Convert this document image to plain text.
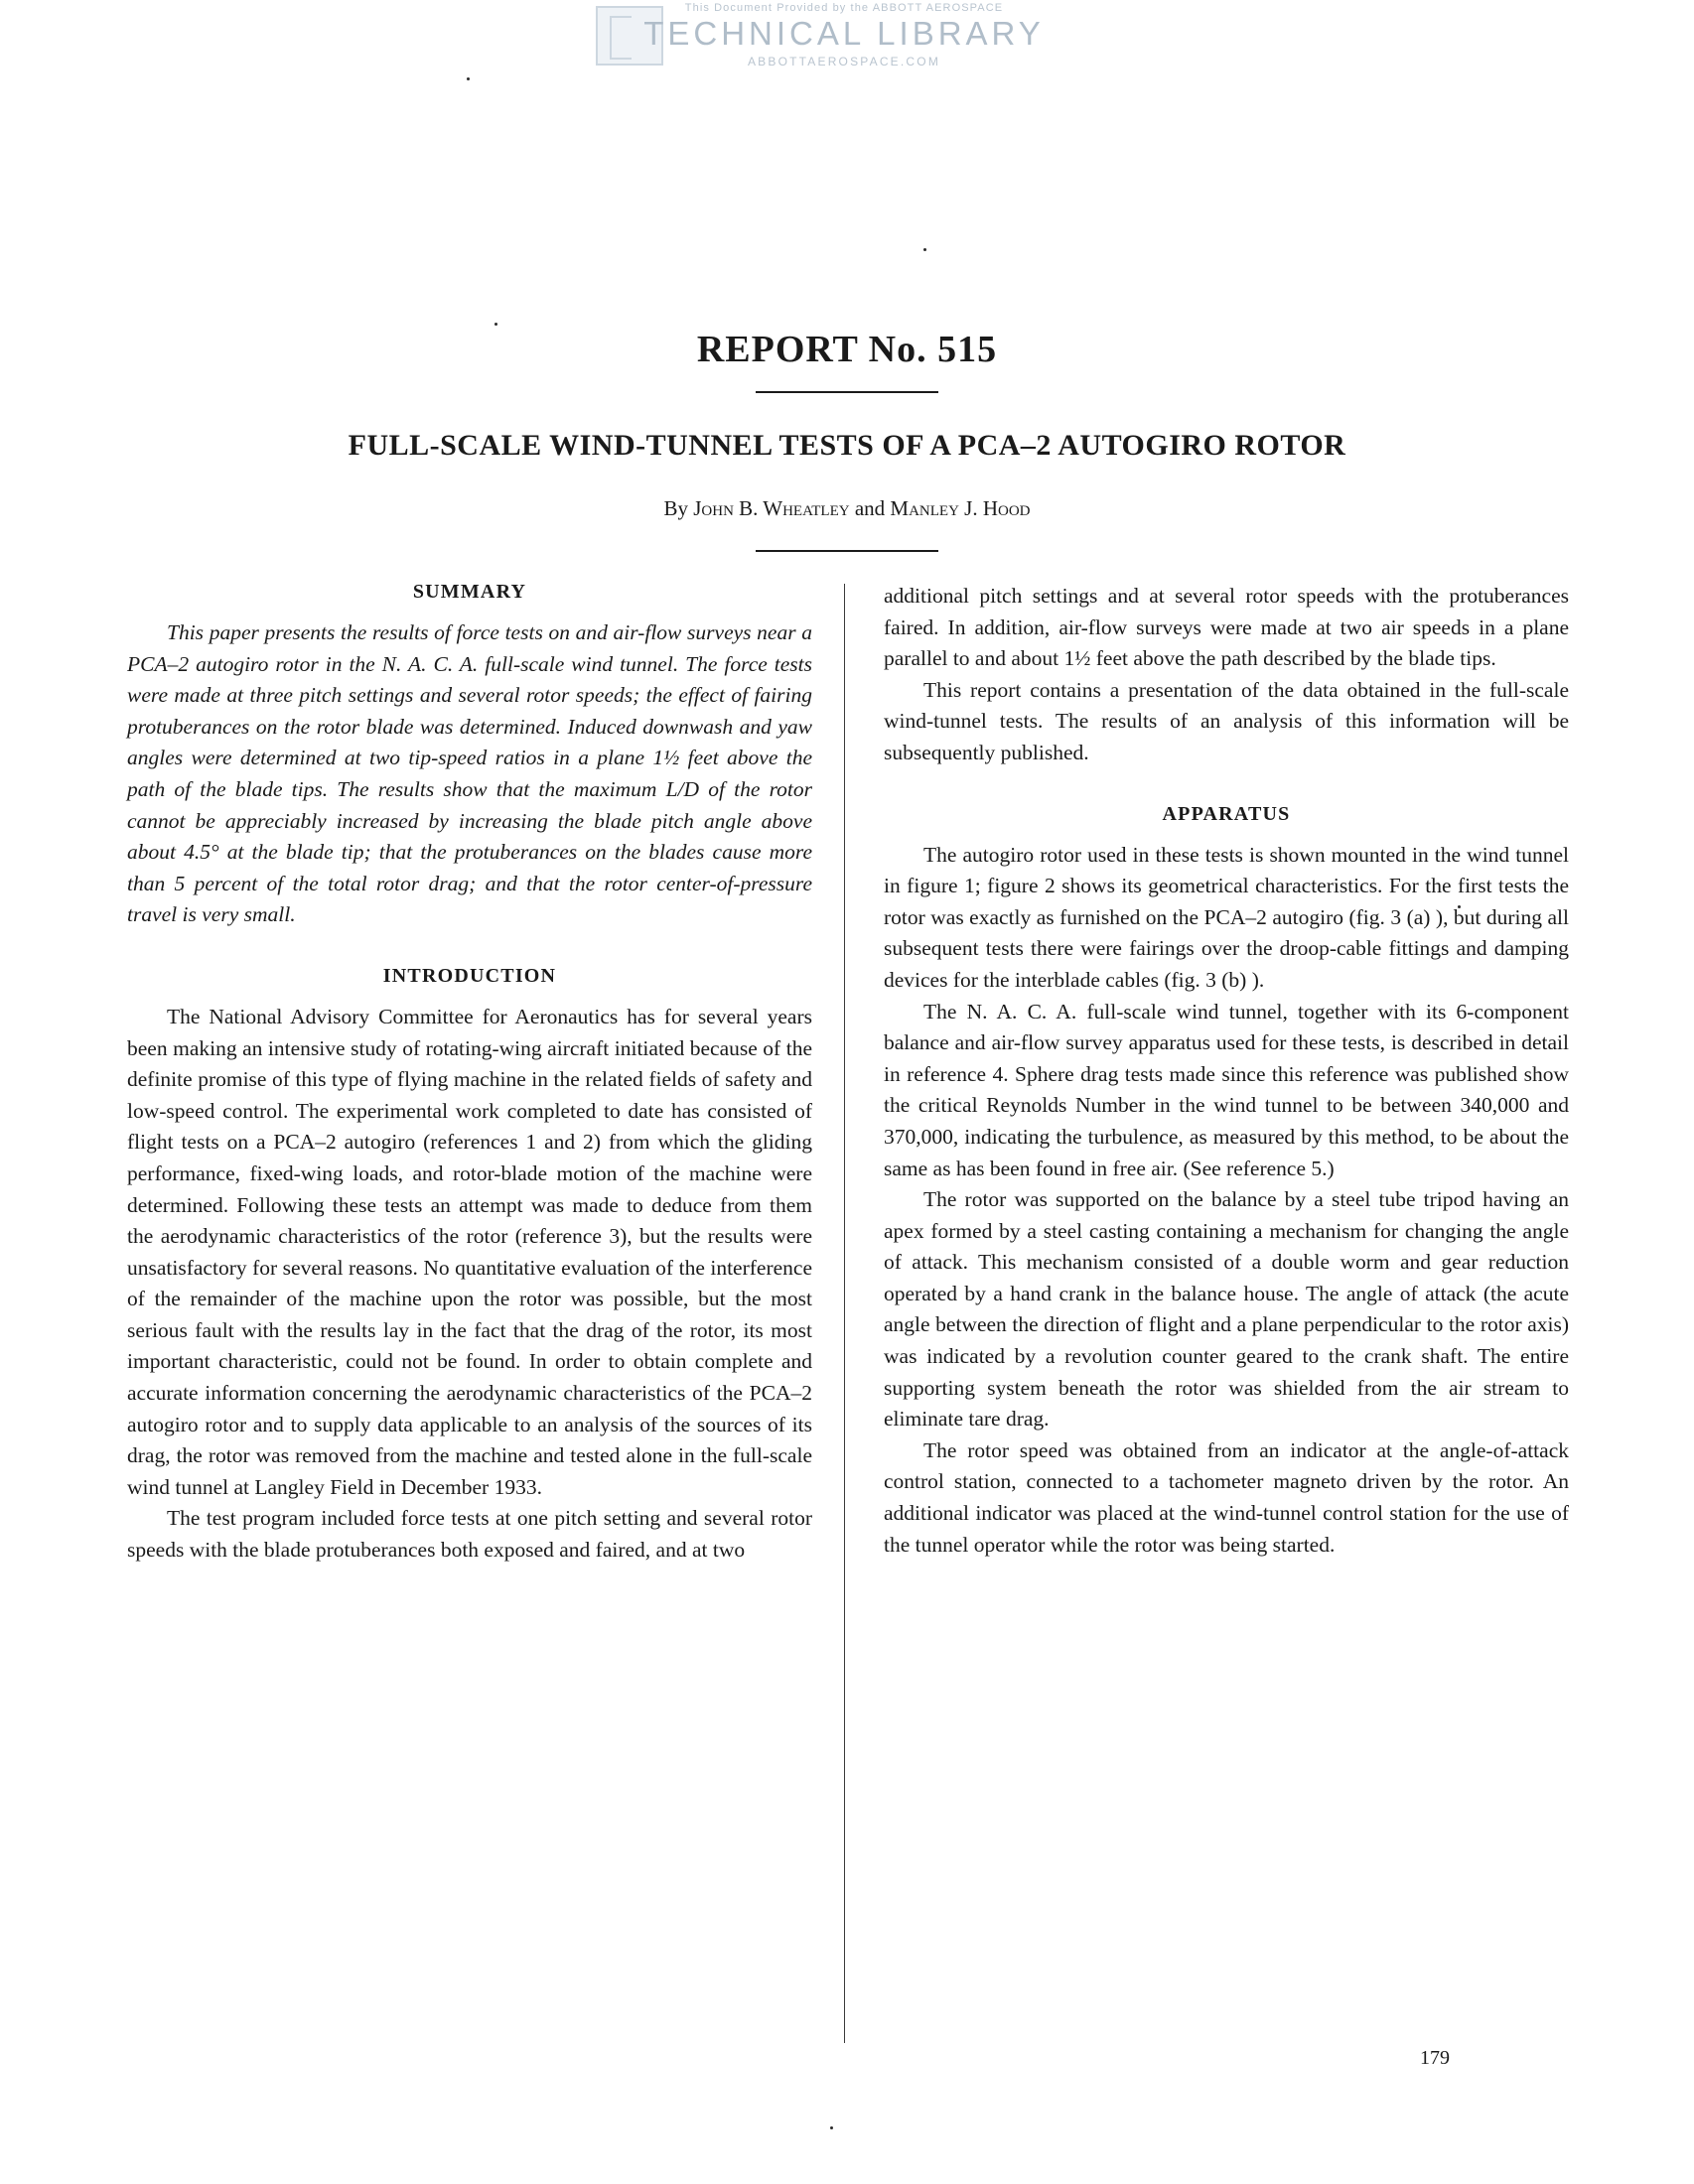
This Document Provided by the ABBOTT AEROSPACE
TECHNICAL LIBRARY
ABBOTTAEROSPACE.COM
REPORT No. 515
FULL-SCALE WIND-TUNNEL TESTS OF A PCA–2 AUTOGIRO ROTOR
By John B. Wheatley and Manley J. Hood
SUMMARY

This paper presents the results of force tests on and air-flow surveys near a PCA–2 autogiro rotor in the N. A. C. A. full-scale wind tunnel. The force tests were made at three pitch settings and several rotor speeds; the effect of fairing protuberances on the rotor blade was determined. Induced downwash and yaw angles were determined at two tip-speed ratios in a plane 1½ feet above the path of the blade tips. The results show that the maximum L/D of the rotor cannot be appreciably increased by increasing the blade pitch angle above about 4.5° at the blade tip; that the protuberances on the blades cause more than 5 percent of the total rotor drag; and that the rotor center-of-pressure travel is very small.

INTRODUCTION

The National Advisory Committee for Aeronautics has for several years been making an intensive study of rotating-wing aircraft initiated because of the definite promise of this type of flying machine in the related fields of safety and low-speed control. The experimental work completed to date has consisted of flight tests on a PCA–2 autogiro (references 1 and 2) from which the gliding performance, fixed-wing loads, and rotor-blade motion of the machine were determined. Following these tests an attempt was made to deduce from them the aerodynamic characteristics of the rotor (reference 3), but the results were unsatisfactory for several reasons. No quantitative evaluation of the interference of the remainder of the machine upon the rotor was possible, but the most serious fault with the results lay in the fact that the drag of the rotor, its most important characteristic, could not be found. In order to obtain complete and accurate information concerning the aerodynamic characteristics of the PCA–2 autogiro rotor and to supply data applicable to an analysis of the sources of its drag, the rotor was removed from the machine and tested alone in the full-scale wind tunnel at Langley Field in December 1933.

The test program included force tests at one pitch setting and several rotor speeds with the blade protuberances both exposed and faired, and at two

additional pitch settings and at several rotor speeds with the protuberances faired. In addition, air-flow surveys were made at two air speeds in a plane parallel to and about 1½ feet above the path described by the blade tips.

This report contains a presentation of the data obtained in the full-scale wind-tunnel tests. The results of an analysis of this information will be subsequently published.

APPARATUS

The autogiro rotor used in these tests is shown mounted in the wind tunnel in figure 1; figure 2 shows its geometrical characteristics. For the first tests the rotor was exactly as furnished on the PCA–2 autogiro (fig. 3 (a) ), but during all subsequent tests there were fairings over the droop-cable fittings and damping devices for the interblade cables (fig. 3 (b) ).

The N. A. C. A. full-scale wind tunnel, together with its 6-component balance and air-flow survey apparatus used for these tests, is described in detail in reference 4. Sphere drag tests made since this reference was published show the critical Reynolds Number in the wind tunnel to be between 340,000 and 370,000, indicating the turbulence, as measured by this method, to be about the same as has been found in free air. (See reference 5.)

The rotor was supported on the balance by a steel tube tripod having an apex formed by a steel casting containing a mechanism for changing the angle of attack. This mechanism consisted of a double worm and gear reduction operated by a hand crank in the balance house. The angle of attack (the acute angle between the direction of flight and a plane perpendicular to the rotor axis) was indicated by a revolution counter geared to the crank shaft. The entire supporting system beneath the rotor was shielded from the air stream to eliminate tare drag.

The rotor speed was obtained from an indicator at the angle-of-attack control station, connected to a tachometer magneto driven by the rotor. An additional indicator was placed at the wind-tunnel control station for the use of the tunnel operator while the rotor was being started.

179
